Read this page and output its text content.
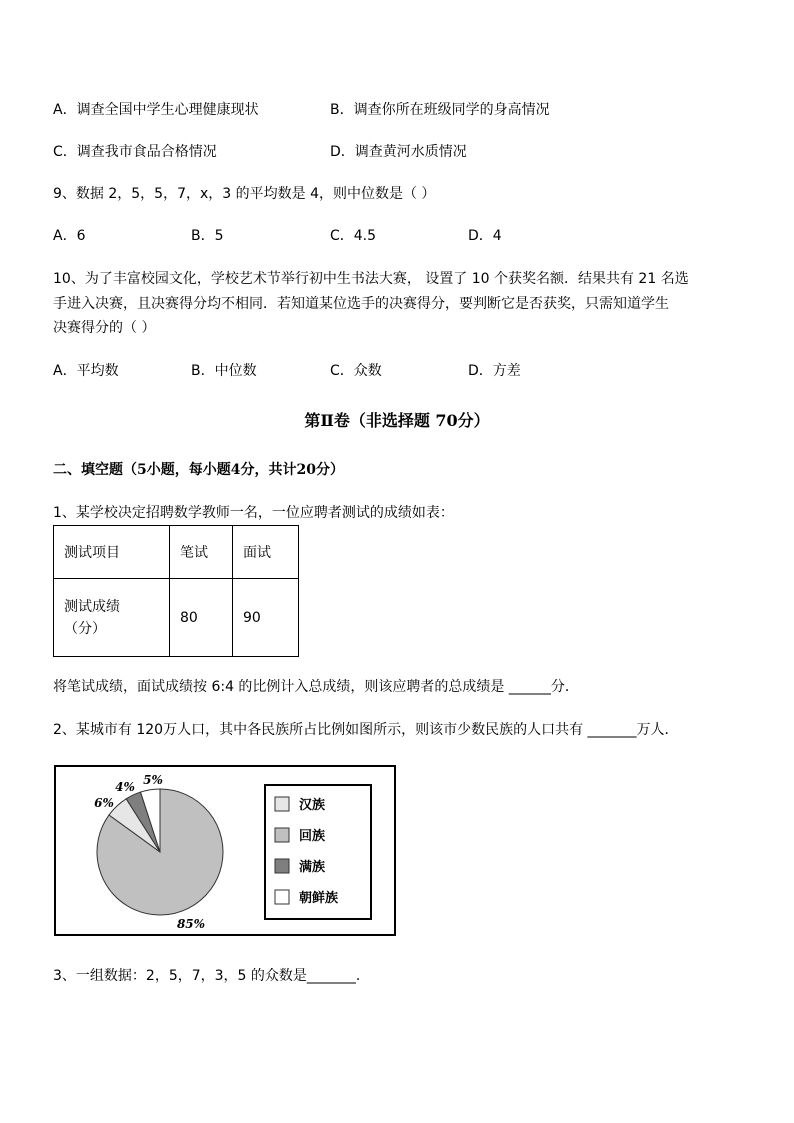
A．调查全国中学生心理健康现状	B．调查你所在班级同学的身高情况
C．调查我市食品合格情况	D．调查黄河水质情况
9、数据 2，5，5，7，x，3 的平均数是 4，则中位数是（ ）
A．6	B．5	C．4.5	D．4
10、为了丰富校园文化，学校艺术节举行初中生书法大赛， 设置了 10 个获奖名额．结果共有 21 名选
手进入决赛，且决赛得分均不相同．若知道某位选手的决赛得分，要判断它是否获奖，只需知道学生
决赛得分的（ ）
A．平均数	B．中位数	C．众数	D．方差
第Ⅱ卷（非选择题 70分）
二、填空题（5小题，每小题4分，共计20分）
1、某学校决定招聘数学教师一名，一位应聘者测试的成绩如表：
测试项目	笔试	面试

测试成绩
（分）	80	90
将笔试成绩，面试成绩按 6:4 的比例计入总成绩，则该应聘者的总成绩是 ______分．
2、某城市有 120万人口，其中各民族所占比例如图所示，则该市少数民族的人口共有 _______万人．
6%
85%
4% 5%
汉族
回族
满族
朝鲜族
3、一组数据：2，5，7，3，5 的众数是_______.
